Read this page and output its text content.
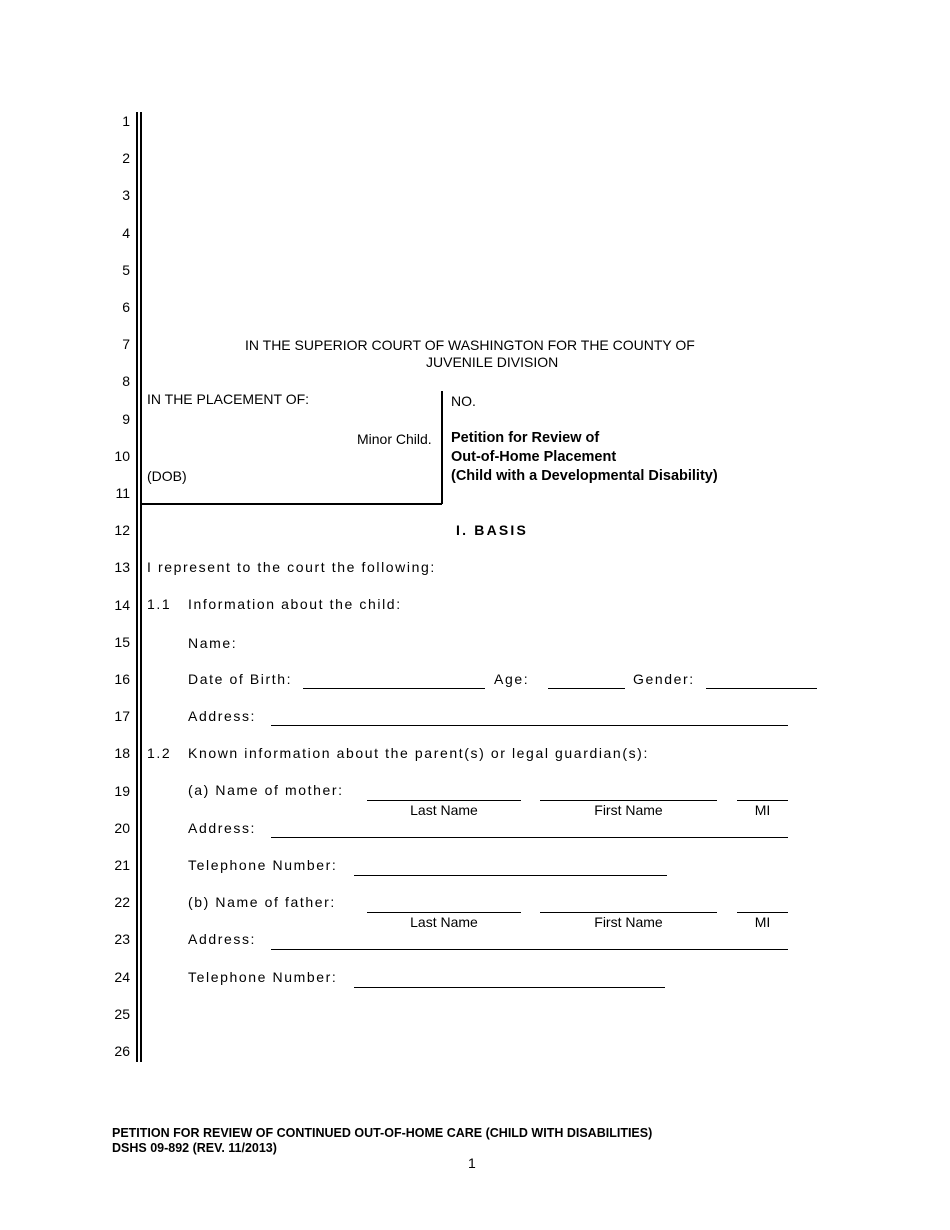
1
2
3
4
5
6
7
8
9
10
11
12
13
14
15
16
17
18
19
20
21
22
23
24
25
26
IN THE SUPERIOR COURT OF WASHINGTON FOR THE COUNTY OF
JUVENILE DIVISION
IN THE PLACEMENT OF:
Minor Child.
(DOB)
NO.
Petition for Review of
Out-of-Home Placement
(Child with a Developmental Disability)
I. BASIS
I represent to the court the following:
1.1 Information about the child:
Name:
Date of Birth:	Age:	Gender:
Address:
1.2 Known information about the parent(s) or legal guardian(s):
(a) Name of mother:
Last Name	First Name	MI
Address:
Telephone Number:
(b) Name of father:
Last Name	First Name	MI
Address:
Telephone Number:
PETITION FOR REVIEW OF CONTINUED OUT-OF-HOME CARE (CHILD WITH DISABILITIES)
DSHS 09-892 (REV. 11/2013)
1
